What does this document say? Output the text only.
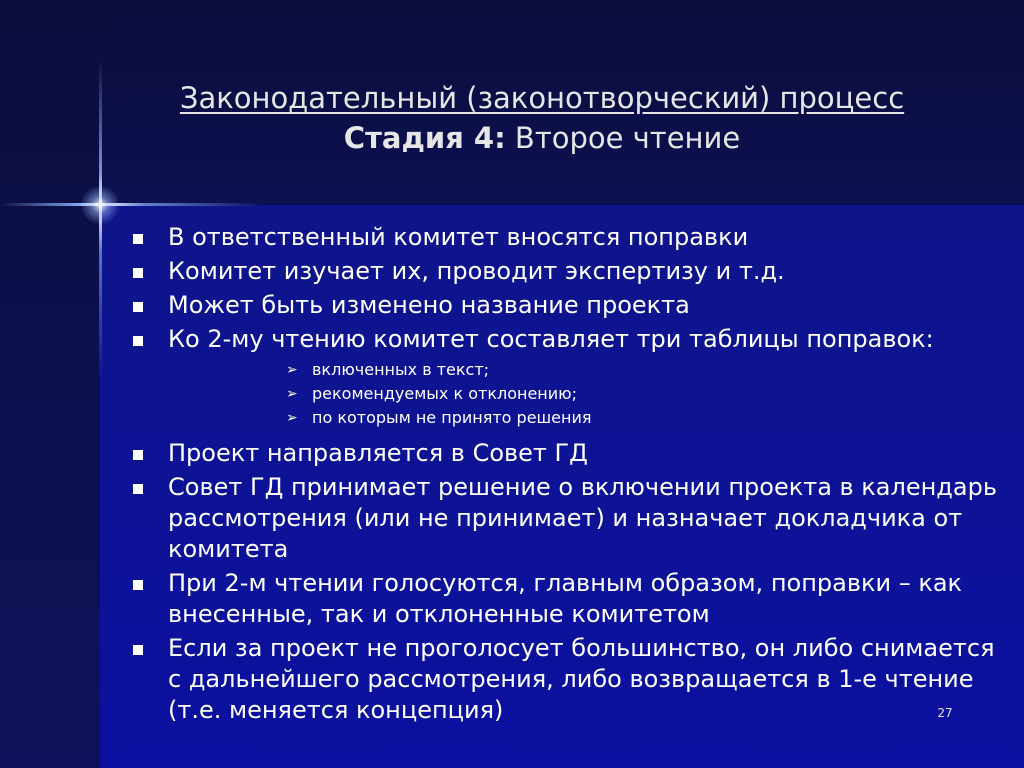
Законодательный (законотворческий) процесс
Стадия 4: Второе чтение
В ответственный комитет вносятся поправки
Комитет изучает их, проводит экспертизу и т.д.
Может быть изменено название проекта
Ко 2-му чтению комитет составляет три таблицы поправок:
➢ включенных в текст;
➢ рекомендуемых к отклонению;
➢ по которым не принято решения
Проект направляется в Совет ГД
Совет ГД принимает решение о включении проекта в календарь рассмотрения (или не принимает) и назначает докладчика от комитета
При 2-м чтении голосуются, главным образом, поправки – как внесенные, так и отклоненные комитетом
Если за проект не проголосует большинство, он либо снимается с дальнейшего рассмотрения, либо возвращается в 1-е чтение (т.е. меняется концепция)	27
